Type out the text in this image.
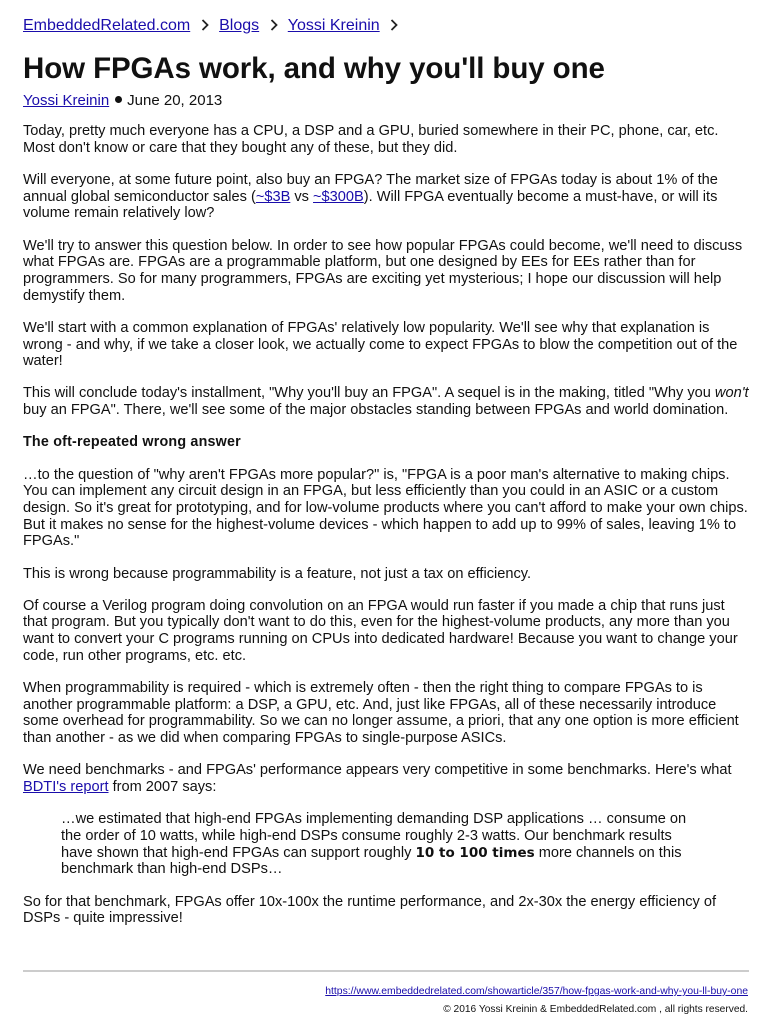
EmbeddedRelated.com Blogs Yossi Kreinin
How FPGAs work, and why you'll buy one
Yossi Kreinin June 20, 2013

Today, pretty much everyone has a CPU, a DSP and a GPU, buried somewhere in their PC, phone, car, etc. Most don't know or care that they bought any of these, but they did.

Will everyone, at some future point, also buy an FPGA? The market size of FPGAs today is about 1% of the annual global semiconductor sales (~$3B vs ~$300B). Will FPGA eventually become a must-have, or will its volume remain relatively low?

We'll try to answer this question below. In order to see how popular FPGAs could become, we'll need to discuss what FPGAs are. FPGAs are a programmable platform, but one designed by EEs for EEs rather than for programmers. So for many programmers, FPGAs are exciting yet mysterious; I hope our discussion will help demystify them.

We'll start with a common explanation of FPGAs' relatively low popularity. We'll see why that explanation is wrong - and why, if we take a closer look, we actually come to expect FPGAs to blow the competition out of the water!

This will conclude today's installment, "Why you'll buy an FPGA". A sequel is in the making, titled "Why you won't buy an FPGA". There, we'll see some of the major obstacles standing between FPGAs and world domination.

The oft-repeated wrong answer

…to the question of "why aren't FPGAs more popular?" is, "FPGA is a poor man's alternative to making chips. You can implement any circuit design in an FPGA, but less efficiently than you could in an ASIC or a custom design. So it's great for prototyping, and for low-volume products where you can't afford to make your own chips. But it makes no sense for the highest-volume devices - which happen to add up to 99% of sales, leaving 1% to FPGAs."

This is wrong because programmability is a feature, not just a tax on efficiency.

Of course a Verilog program doing convolution on an FPGA would run faster if you made a chip that runs just that program. But you typically don't want to do this, even for the highest-volume products, any more than you want to convert your C programs running on CPUs into dedicated hardware! Because you want to change your code, run other programs, etc. etc.

When programmability is required - which is extremely often - then the right thing to compare FPGAs to is another programmable platform: a DSP, a GPU, etc. And, just like FPGAs, all of these necessarily introduce some overhead for programmability. So we can no longer assume, a priori, that any one option is more efficient than another - as we did when comparing FPGAs to single-purpose ASICs.

We need benchmarks - and FPGAs' performance appears very competitive in some benchmarks. Here's what BDTI's report from 2007 says:

…we estimated that high-end FPGAs implementing demanding DSP applications … consume on the order of 10 watts, while high-end DSPs consume roughly 2-3 watts. Our benchmark results have shown that high-end FPGAs can support roughly 10 to 100 times more channels on this benchmark than high-end DSPs…

So for that benchmark, FPGAs offer 10x-100x the runtime performance, and 2x-30x the energy efficiency of DSPs - quite impressive!

https://www.embeddedrelated.com/showarticle/357/how-fpgas-work-and-why-you-ll-buy-one
© 2016 Yossi Kreinin & EmbeddedRelated.com , all rights reserved.
